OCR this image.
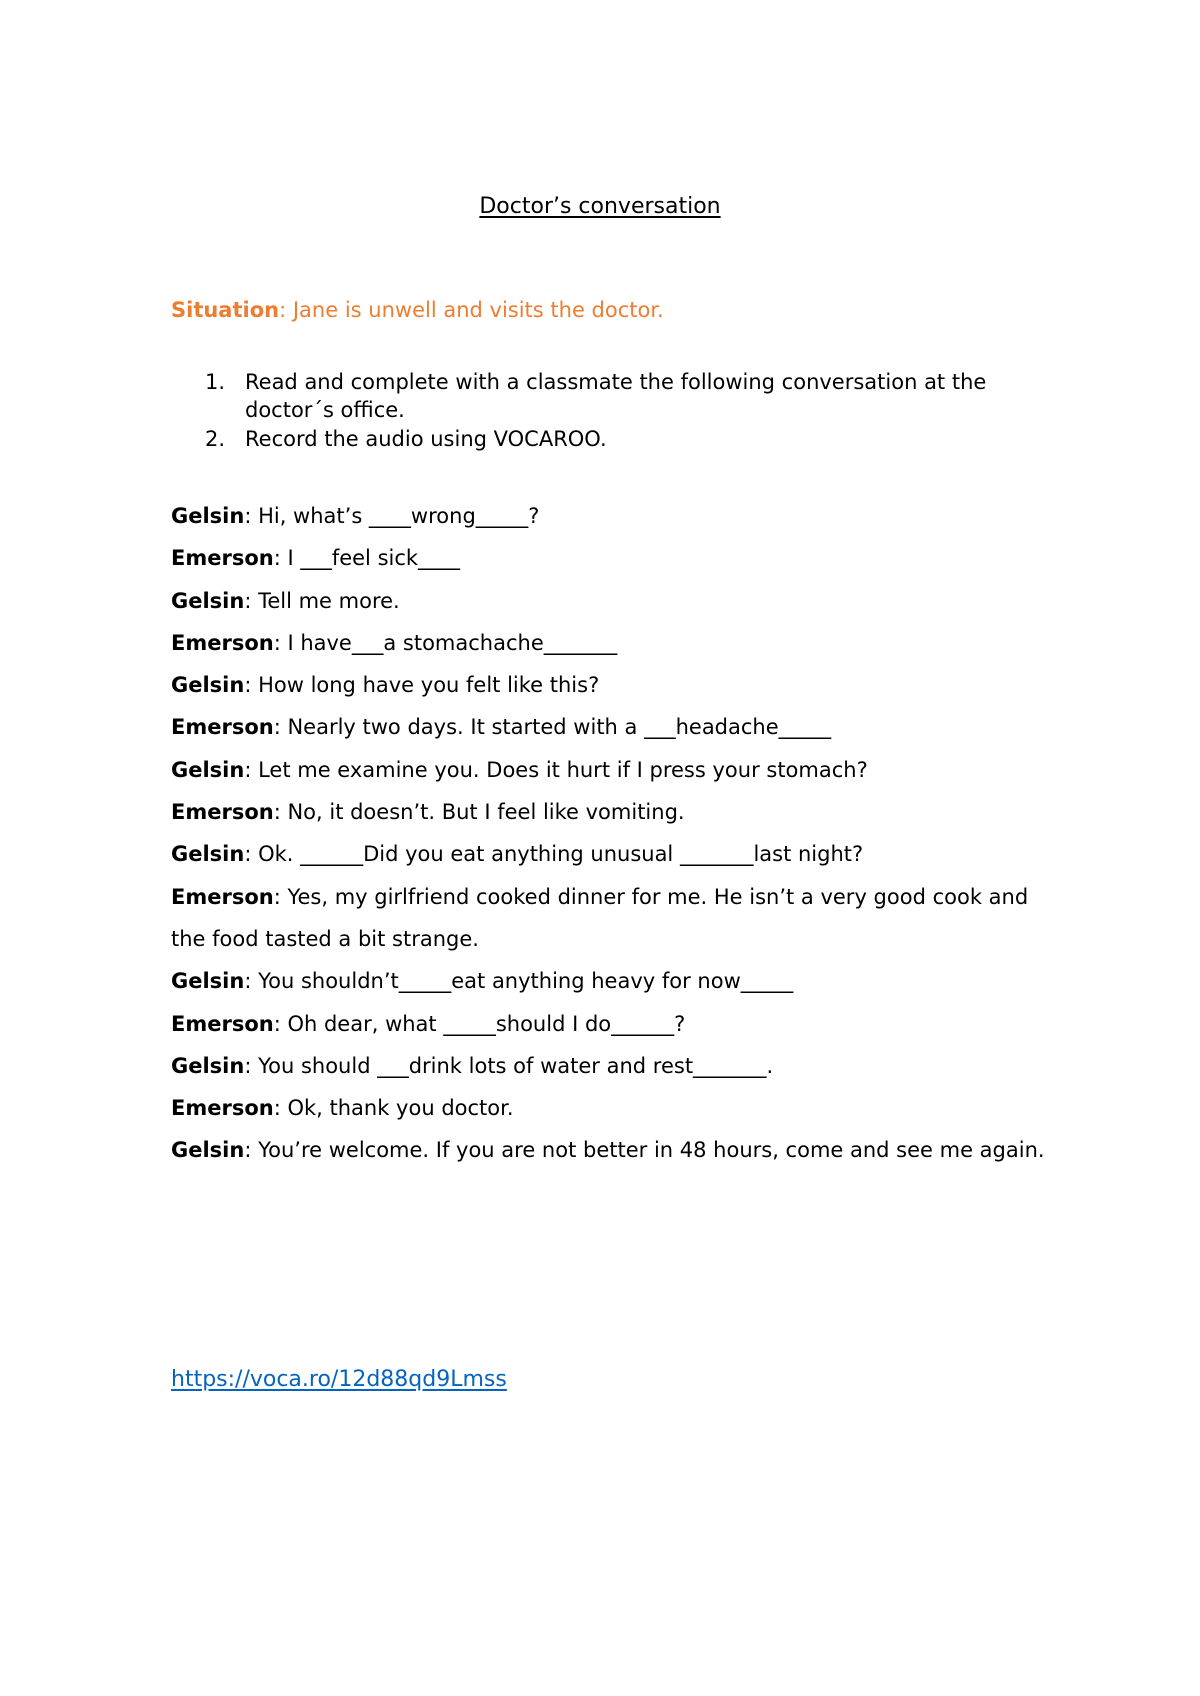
Doctor’s conversation
Situation: Jane is unwell and visits the doctor.
1. Read and complete with a classmate the following conversation at the doctor´s office.
2. Record the audio using VOCAROO.
Gelsin: Hi, what’s ____wrong_____?
Emerson: I ___feel sick____
Gelsin: Tell me more.
Emerson: I have___a stomachache_______
Gelsin: How long have you felt like this?
Emerson: Nearly two days. It started with a ___headache_____
Gelsin: Let me examine you. Does it hurt if I press your stomach?
Emerson: No, it doesn’t. But I feel like vomiting.
Gelsin: Ok. ______Did you eat anything unusual _______last night?
Emerson: Yes, my girlfriend cooked dinner for me. He isn’t a very good cook and the food tasted a bit strange.
Gelsin: You shouldn’t_____eat anything heavy for now_____
Emerson: Oh dear, what _____should I do______?
Gelsin: You should ___drink lots of water and rest_______.
Emerson: Ok, thank you doctor.
Gelsin: You’re welcome. If you are not better in 48 hours, come and see me again.
https://voca.ro/12d88qd9Lmss
